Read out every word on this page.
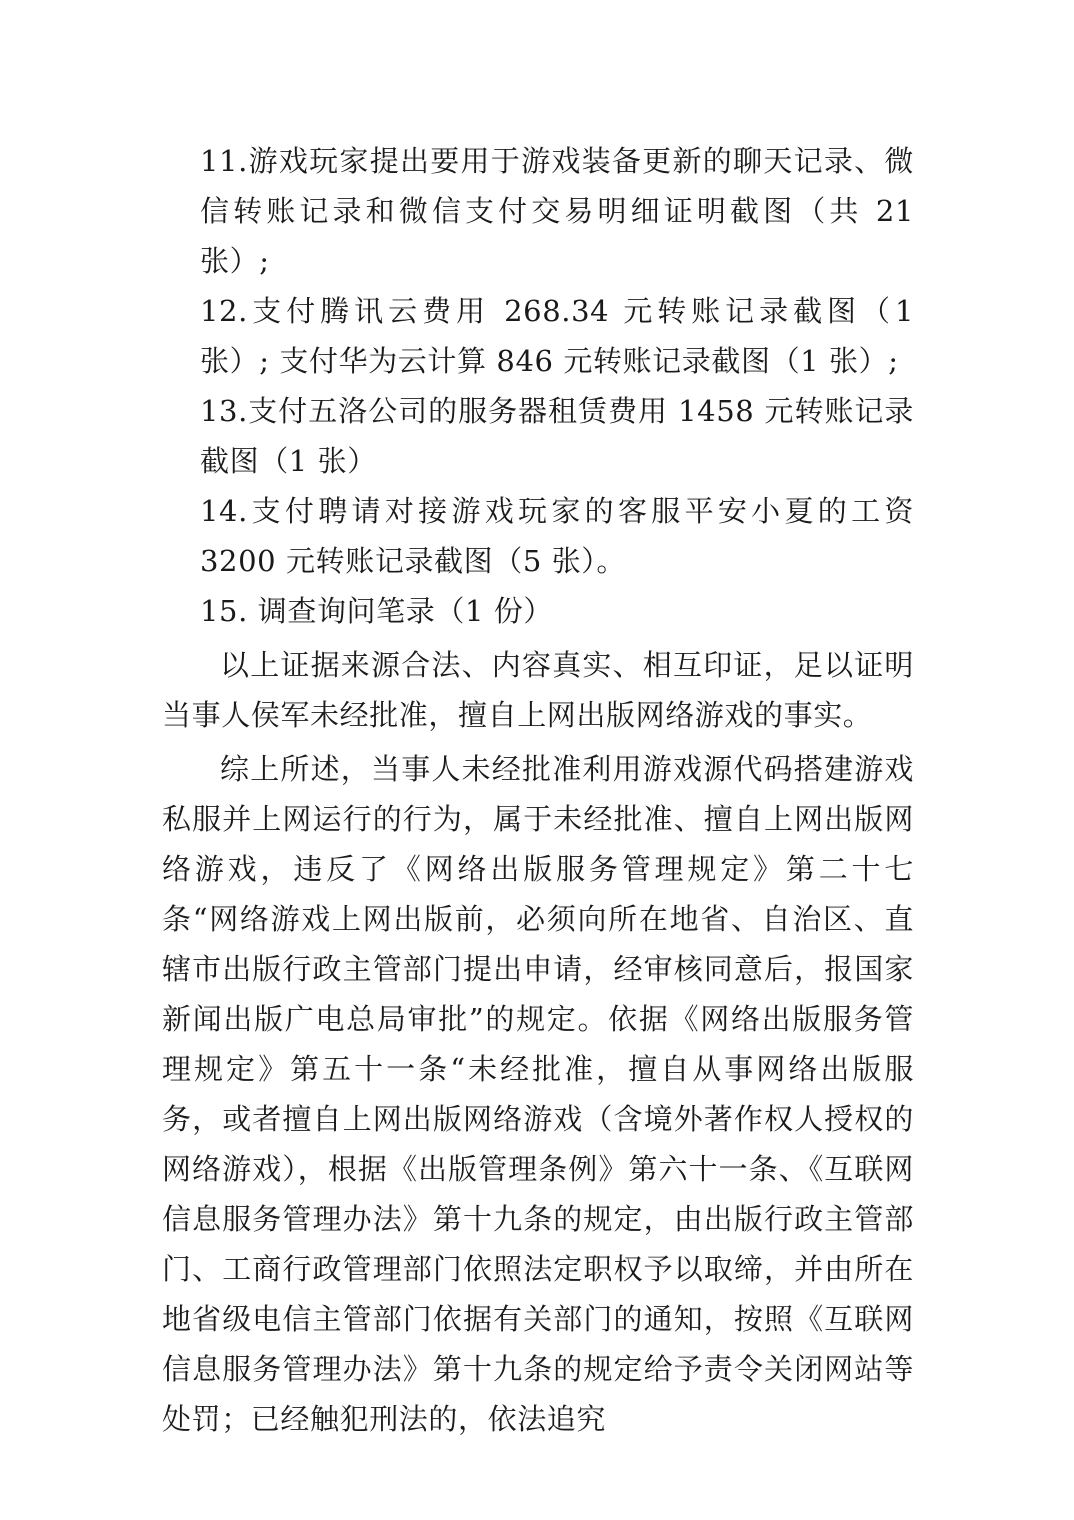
11.游戏玩家提出要用于游戏装备更新的聊天记录、微信转账记录和微信支付交易明细证明截图（共 21 张）;

12.支付腾讯云费用 268.34 元转账记录截图（1 张）; 支付华为云计算 846 元转账记录截图（1 张）;

13.支付五洛公司的服务器租赁费用 1458 元转账记录截图（1 张）

14.支付聘请对接游戏玩家的客服平安小夏的工资 3200 元转账记录截图（5 张）。

15. 调查询问笔录（1 份）

以上证据来源合法、内容真实、相互印证，足以证明当事人侯军未经批准，擅自上网出版网络游戏的事实。

综上所述，当事人未经批准利用游戏源代码搭建游戏私服并上网运行的行为，属于未经批准、擅自上网出版网络游戏，违反了《网络出版服务管理规定》第二十七条“网络游戏上网出版前，必须向所在地省、自治区、直辖市出版行政主管部门提出申请，经审核同意后，报国家新闻出版广电总局审批”的规定。依据《网络出版服务管理规定》第五十一条“未经批准，擅自从事网络出版服务，或者擅自上网出版网络游戏（含境外著作权人授权的网络游戏），根据《出版管理条例》第六十一条、《互联网信息服务管理办法》第十九条的规定，由出版行政主管部门、工商行政管理部门依照法定职权予以取缔，并由所在地省级电信主管部门依据有关部门的通知，按照《互联网信息服务管理办法》第十九条的规定给予责令关闭网站等处罚；已经触犯刑法的，依法追究
